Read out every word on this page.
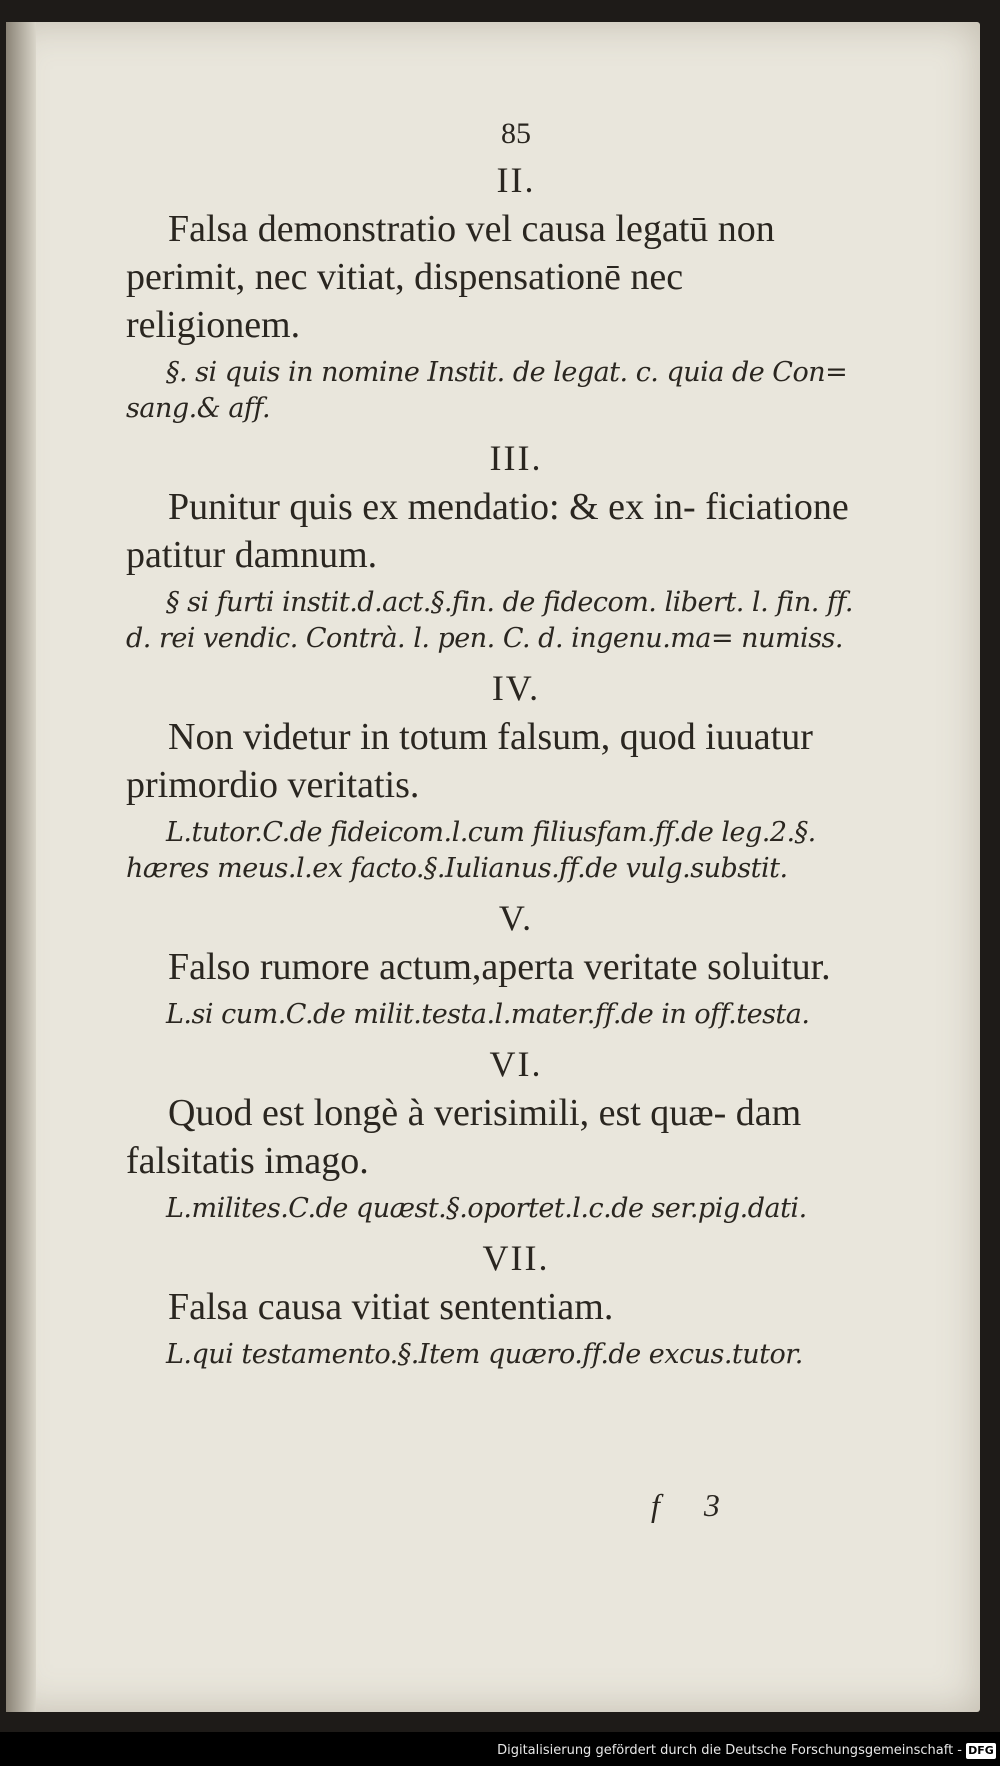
85
II.

Falsa demonstratio vel causa legatū non perimit, nec vitiat, dispensationē nec religionem.

§. si quis in nomine Instit. de legat. c. quia de Con= sang.& aff.

III.

Punitur quis ex mendatio: & ex in- ficiatione patitur damnum.

§ si furti instit.d.act.§.fin. de fidecom. libert. l. fin. ff. d. rei vendic. Contrà. l. pen. C. d. ingenu.ma= numiss.

IV.

Non videtur in totum falsum, quod iuuatur primordio veritatis.

L.tutor.C.de fideicom.l.cum filiusfam.ff.de leg.2.§. hæres meus.l.ex facto.§.Iulianus.ff.de vulg.substit.

V.

Falso rumore actum,aperta veritate soluitur.

L.si cum.C.de milit.testa.l.mater.ff.de in off.testa.

VI.

Quod est longè à verisimili, est quæ- dam falsitatis imago.

L.milites.C.de quæst.§.oportet.l.c.de ser.pig.dati.

VII.

Falsa causa vitiat sententiam.

L.qui testamento.§.Item quæro.ff.de excus.tutor.

f 3
Digitalisierung gefördert durch die Deutsche Forschungsgemeinschaft - DFG
